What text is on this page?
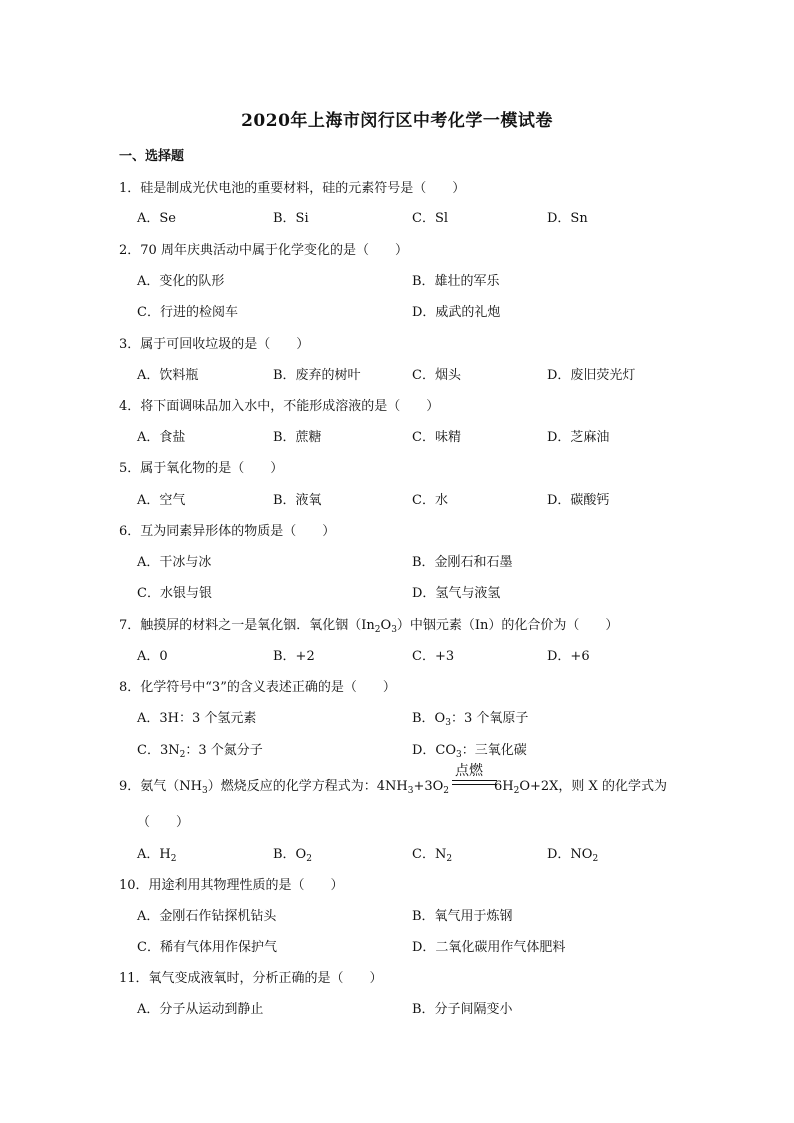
2020年上海市闵行区中考化学一模试卷
一、选择题
1．硅是制成光伏电池的重要材料，硅的元素符号是（　　）
A．Se	B．Si	C．Sl	D．Sn
2．70 周年庆典活动中属于化学变化的是（　　）
A．变化的队形	B．雄壮的军乐
C．行进的检阅车	D．威武的礼炮
3．属于可回收垃圾的是（　　）
A．饮料瓶	B．废弃的树叶	C．烟头	D．废旧荧光灯
4．将下面调味品加入水中，不能形成溶液的是（　　）
A．食盐	B．蔗糖	C．味精	D．芝麻油
5．属于氧化物的是（　　）
A．空气	B．液氧	C．水	D．碳酸钙
6．互为同素异形体的物质是（　　）
A．干冰与冰	B．金刚石和石墨
C．水银与银	D．氢气与液氢
7．触摸屏的材料之一是氧化铟．氧化铟$(In_2O_3)$中铟元素（In）的化合价为（　　）
A．0	B．+2	C．+3	D．+6
8．化学符号中“3”的含义表述正确的是（　　）
A．3H：3 个氢元素	B．$O_3$：3 个氧原子
C．$3N_2$：3 个氮分子	D．$CO_3$：三氧化碳
点燃
9．氨气$(NH_3)$燃烧反应的化学方程式为：$4NH_3+3O_2$	$6H_2O+2X$，则 X 的化学式为
（　　）
A．$H_2$	B．$O_2$	C．$N_2$	D．$NO_2$
10．用途利用其物理性质的是（　　）
A．金刚石作钻探机钻头	B．氧气用于炼钢
C．稀有气体用作保护气	D．二氧化碳用作气体肥料
11．氧气变成液氧时，分析正确的是（　　）
A．分子从运动到静止	B．分子间隔变小
